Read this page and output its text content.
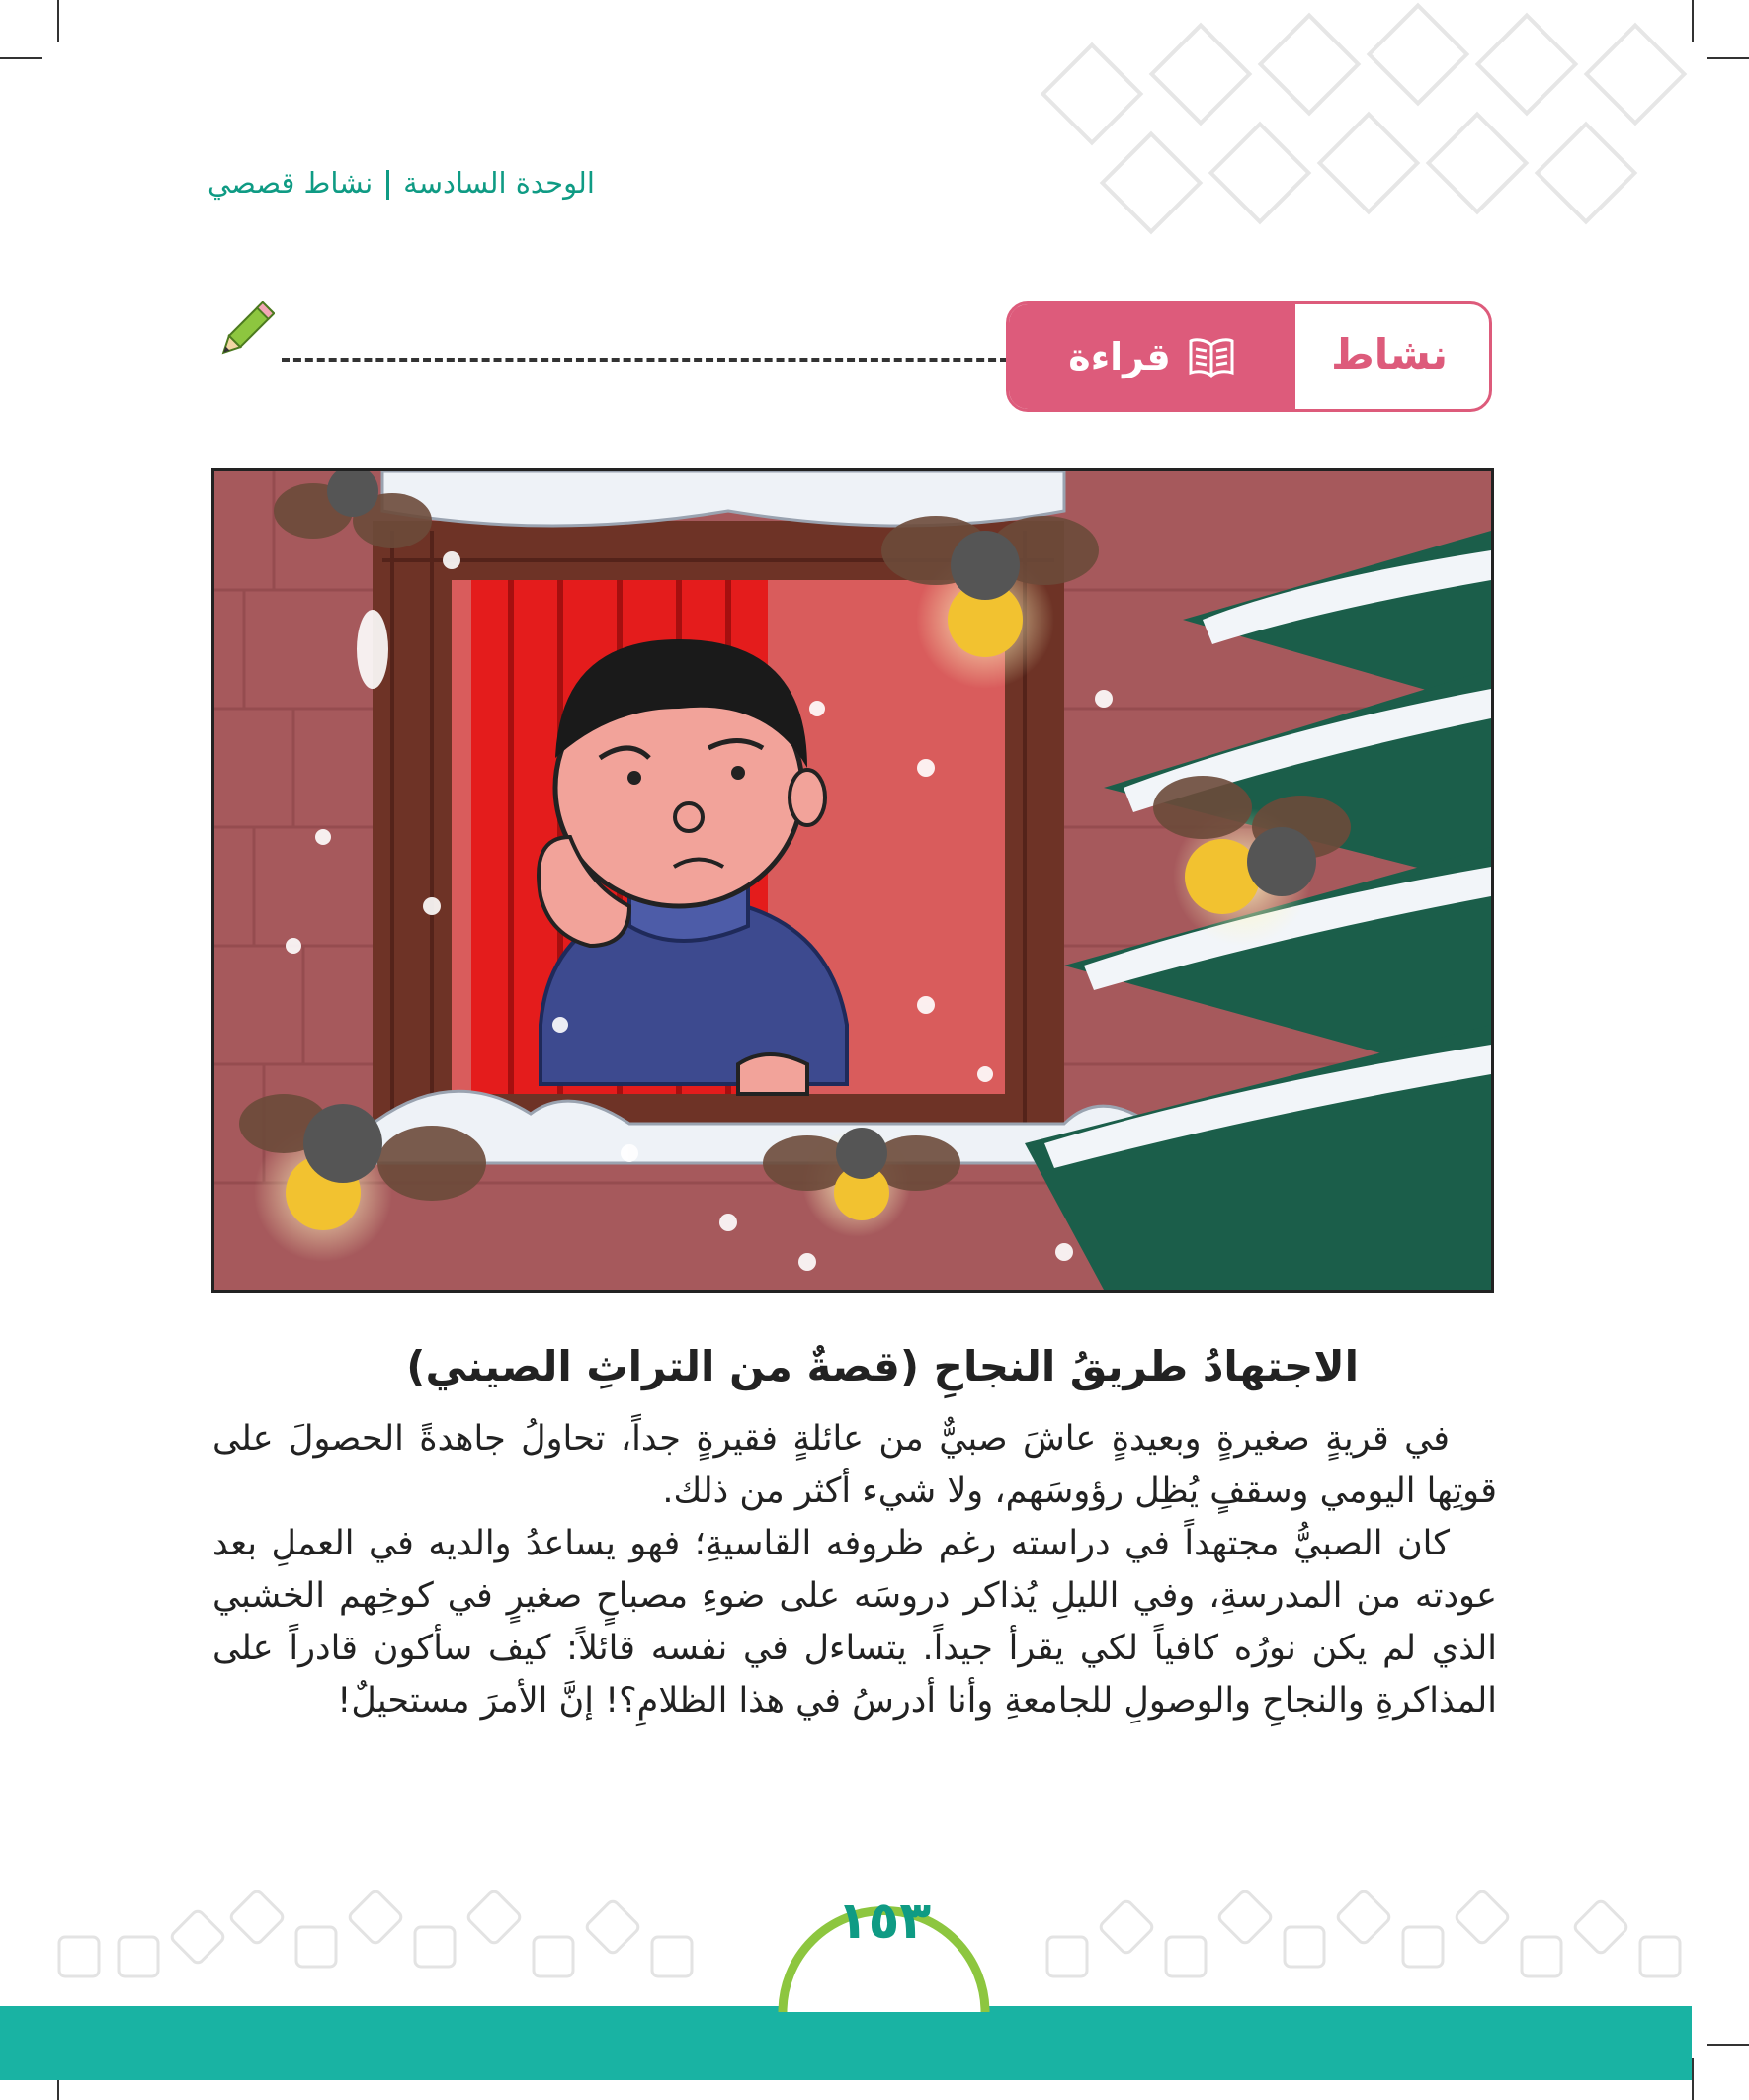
الوحدة السادسةنشاط قصصي
قراءة	نشاط
الاجتهادُ طريقُ النجاحِ (قصةٌ من التراثِ الصيني)

في قريةٍ صغيرةٍ وبعيدةٍ عاشَ صبيٌّ من عائلةٍ فقيرةٍ جداً، تحاولُ جاهدةً الحصولَ على قوتِها اليومي وسقفٍ يُظِل رؤوسَهم، ولا شيء أكثر من ذلك.

كان الصبيُّ مجتهداً في دراسته رغم ظروفه القاسيةِ؛ فهو يساعدُ والديه في العملِ بعد عودته من المدرسةِ، وفي الليلِ يُذاكر دروسَه على ضوءِ مصباحٍ صغيرٍ في كوخِهم الخشبي الذي لم يكن نورُه كافياً لكي يقرأ جيداً. يتساءل في نفسه قائلاً: كيف سأكون قادراً على المذاكرةِ والنجاحِ والوصولِ للجامعةِ وأنا أدرسُ في هذا الظلامِ؟! إنَّ الأمرَ مستحيلٌ!

١٥٣
